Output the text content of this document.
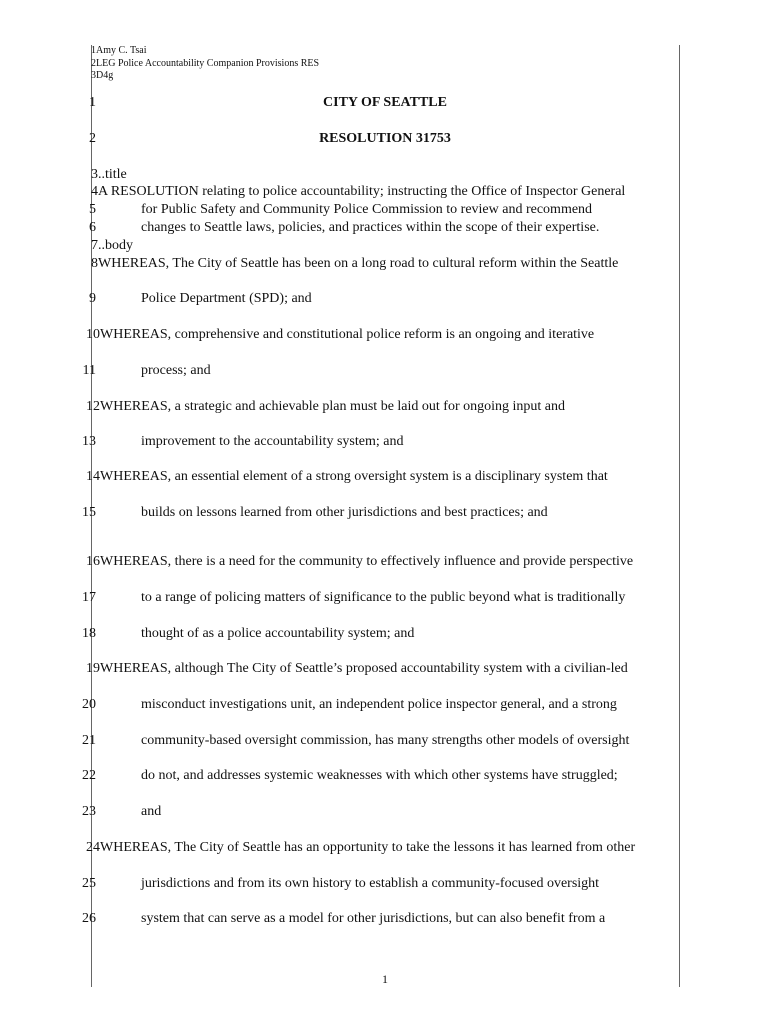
1Amy C. Tsai
2LEG Police Accountability Companion Provisions RES
3D4g
1	CITY OF SEATTLE
2	RESOLUTION 31753
3..title
4A RESOLUTION relating to police accountability; instructing the Office of Inspector General
5	for Public Safety and Community Police Commission to review and recommend
6	changes to Seattle laws, policies, and practices within the scope of their expertise.
7..body
8WHEREAS, The City of Seattle has been on a long road to cultural reform within the Seattle
9	Police Department (SPD); and
1 0WHEREAS, comprehensive and constitutional police reform is an ongoing and iterative
11	process; and
1 2WHEREAS, a strategic and achievable plan must be laid out for ongoing input and
13	improvement to the accountability system; and
1 4WHEREAS, an essential element of a strong oversight system is a disciplinary system that
15	builds on lessons learned from other jurisdictions and best practices; and
1 6WHEREAS, there is a need for the community to effectively influence and provide perspective
17	to a range of policing matters of significance to the public beyond what is traditionally
18	thought of as a police accountability system; and
1 9WHEREAS, although The City of Seattle’s proposed accountability system with a civilian-led
20	misconduct investigations unit, an independent police inspector general, and a strong
21	community-based oversight commission, has many strengths other models of oversight
22	do not, and addresses systemic weaknesses with which other systems have struggled;
23	and
2 4WHEREAS, The City of Seattle has an opportunity to take the lessons it has learned from other
25	jurisdictions and from its own history to establish a community-focused oversight
26	system that can serve as a model for other jurisdictions, but can also benefit from a
1
